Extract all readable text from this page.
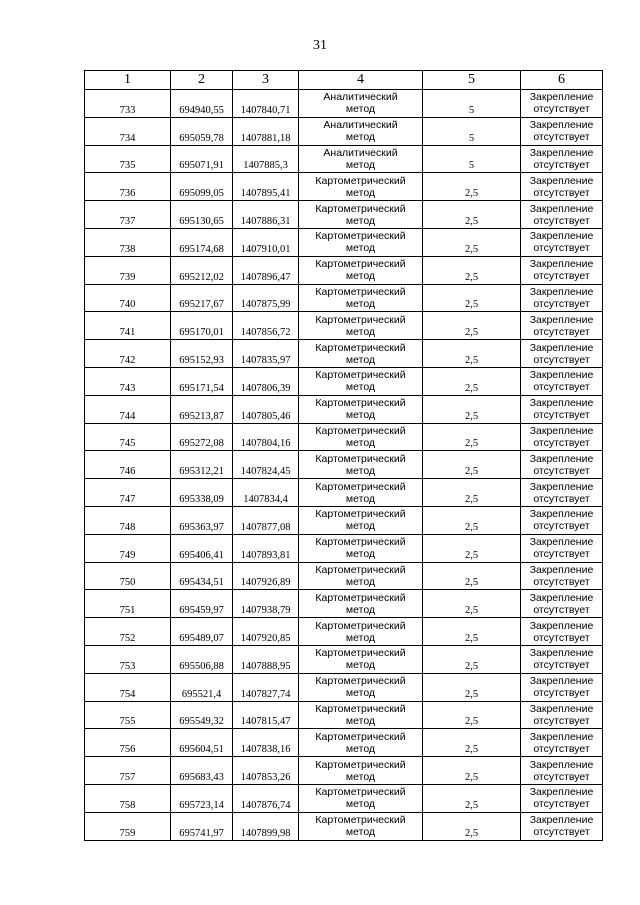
31
1	2	3	4	5	6
733	694940,55	1407840,71	Аналитический
метод	5	Закрепление
отсутствует

734	695059,78	1407881,18	Аналитический
метод	5	Закрепление
отсутствует

735	695071,91	1407885,3	Аналитический
метод	5	Закрепление
отсутствует

736	695099,05	1407895,41	Картометрический
метод	2,5	Закрепление
отсутствует

737	695130,65	1407886,31	Картометрический
метод	2,5	Закрепление
отсутствует

738	695174,68	1407910,01	Картометрический
метод	2,5	Закрепление
отсутствует

739	695212,02	1407896,47	Картометрический
метод	2,5	Закрепление
отсутствует

740	695217,67	1407875,99	Картометрический
метод	2,5	Закрепление
отсутствует

741	695170,01	1407856,72	Картометрический
метод	2,5	Закрепление
отсутствует

742	695152,93	1407835,97	Картометрический
метод	2,5	Закрепление
отсутствует

743	695171,54	1407806,39	Картометрический
метод	2,5	Закрепление
отсутствует

744	695213,87	1407805,46	Картометрический
метод	2,5	Закрепление
отсутствует

745	695272,08	1407804,16	Картометрический
метод	2,5	Закрепление
отсутствует

746	695312,21	1407824,45	Картометрический
метод	2,5	Закрепление
отсутствует

747	695338,09	1407834,4	Картометрический
метод	2,5	Закрепление
отсутствует

748	695363,97	1407877,08	Картометрический
метод	2,5	Закрепление
отсутствует

749	695406,41	1407893,81	Картометрический
метод	2,5	Закрепление
отсутствует

750	695434,51	1407926,89	Картометрический
метод	2,5	Закрепление
отсутствует

751	695459,97	1407938,79	Картометрический
метод	2,5	Закрепление
отсутствует

752	695489,07	1407920,85	Картометрический
метод	2,5	Закрепление
отсутствует

753	695506,88	1407888,95	Картометрический
метод	2,5	Закрепление
отсутствует

754	695521,4	1407827,74	Картометрический
метод	2,5	Закрепление
отсутствует

755	695549,32	1407815,47	Картометрический
метод	2,5	Закрепление
отсутствует

756	695604,51	1407838,16	Картометрический
метод	2,5	Закрепление
отсутствует

757	695683,43	1407853,26	Картометрический
метод	2,5	Закрепление
отсутствует

758	695723,14	1407876,74	Картометрический
метод	2,5	Закрепление
отсутствует

759	695741,97	1407899,98	Картометрический
метод	2,5	Закрепление
отсутствует
